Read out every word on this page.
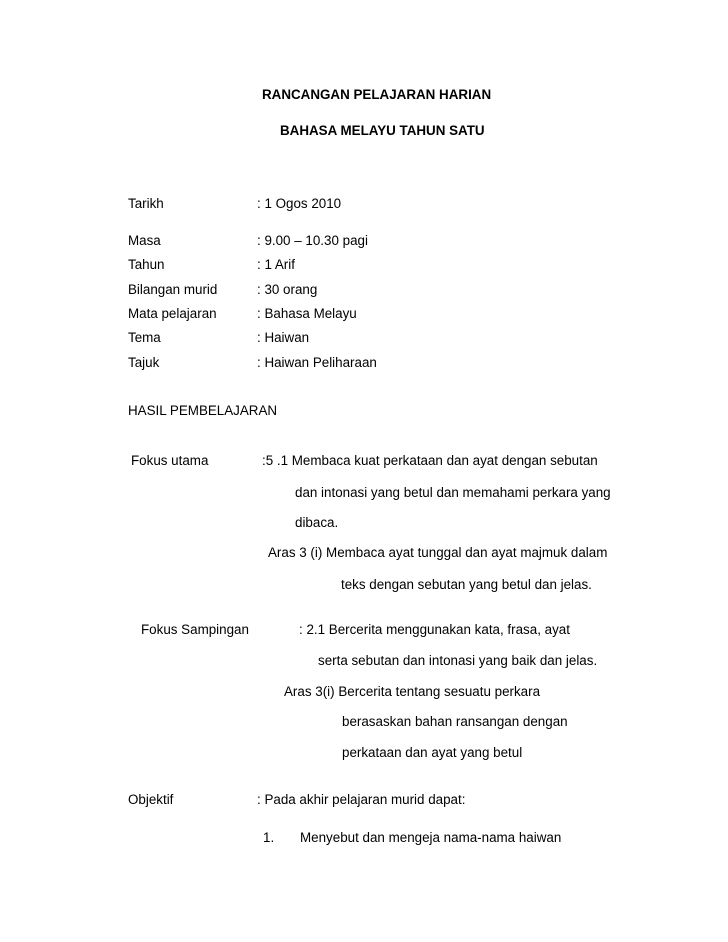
RANCANGAN PELAJARAN HARIAN
BAHASA MELAYU TAHUN SATU
Tarikh	: 1 Ogos 2010
Masa	: 9.00 – 10.30 pagi
Tahun	: 1 Arif
Bilangan murid	: 30 orang
Mata pelajaran	: Bahasa Melayu
Tema	: Haiwan
Tajuk	: Haiwan Peliharaan
HASIL PEMBELAJARAN
Fokus utama	:5 .1 Membaca kuat perkataan dan ayat dengan sebutan
dan intonasi yang betul dan memahami perkara yang
dibaca.
Aras 3 (i) Membaca ayat tunggal dan ayat majmuk dalam
teks dengan sebutan yang betul dan jelas.
Fokus Sampingan	: 2.1 Bercerita menggunakan kata, frasa, ayat
serta sebutan dan intonasi yang baik dan jelas.
Aras 3(i) Bercerita tentang sesuatu perkara
berasaskan bahan ransangan dengan
perkataan dan ayat yang betul
Objektif	: Pada akhir pelajaran murid dapat:
1. Menyebut dan mengeja nama-nama haiwan
